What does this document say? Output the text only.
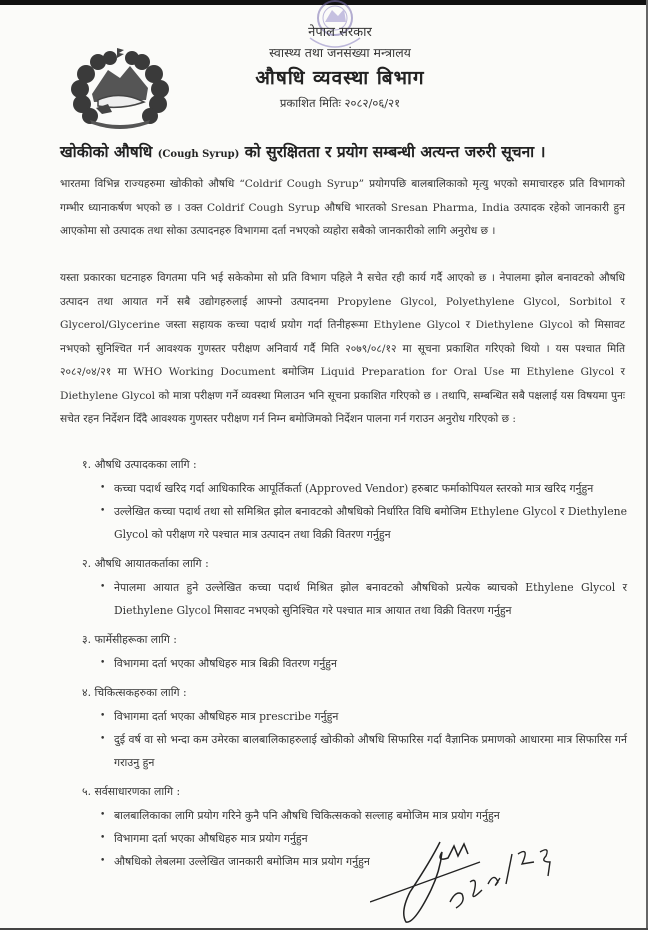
नेपाल सरकार
स्वास्थ्य तथा जनसंख्या मन्त्रालय
औषधि व्यवस्था बिभाग
प्रकाशित मितिः २०८२/०६/२१
खोकीको औषधि (Cough Syrup) को सुरक्षितता र प्रयोग सम्बन्धी अत्यन्त जरुरी सूचना ।
भारतमा विभिन्न राज्यहरुमा खोकीको औषधि “Coldrif Cough Syrup” प्रयोगपछि बालबालिकाको मृत्यु भएको समाचारहरु प्रति विभागको गम्भीर ध्यानाकर्षण भएको छ । उक्त Coldrif Cough Syrup औषधि भारतको Sresan Pharma, India उत्पादक रहेको जानकारी हुन आएकोमा सो उत्पादक तथा सोका उत्पादनहरु विभागमा दर्ता नभएको व्यहोरा सबैको जानकारीको लागि अनुरोध छ ।
यस्ता प्रकारका घटनाहरु विगतमा पनि भई सकेकोमा सो प्रति विभाग पहिले नै सचेत रही कार्य गर्दै आएको छ । नेपालमा झोल बनावटको औषधि उत्पादन तथा आयात गर्ने सबै उद्योगहरुलाई आफ्नो उत्पादनमा Propylene Glycol, Polyethylene Glycol, Sorbitol र Glycerol/Glycerine जस्ता सहायक कच्चा पदार्थ प्रयोग गर्दा तिनीहरूमा Ethylene Glycol र Diethylene Glycol को मिसावट नभएको सुनिश्चित गर्न आवश्यक गुणस्तर परीक्षण अनिवार्य गर्दै मिति २०७९/०८/१२ मा सूचना प्रकाशित गरिएको थियो । यस पश्चात मिति २०८२/०४/२१ मा WHO Working Document बमोजिम Liquid Preparation for Oral Use मा Ethylene Glycol र Diethylene Glycol को मात्रा परीक्षण गर्ने व्यवस्था मिलाउन भनि सूचना प्रकाशित गरिएको छ । तथापि, सम्बन्धित सबै पक्षलाई यस विषयमा पुनः सचेत रहन निर्देशन दिँदै आवश्यक गुणस्तर परीक्षण गर्न निम्न बमोजिमको निर्देशन पालना गर्न गराउन अनुरोध गरिएको छ :
१. औषधि उत्पादकका लागि :
• कच्चा पदार्थ खरिद गर्दा आधिकारिक आपूर्तिकर्ता (Approved Vendor) हरुबाट फर्माकोपियल स्तरको मात्र खरिद गर्नुहुन
• उल्लेखित कच्चा पदार्थ तथा सो समिश्रित झोल बनावटको औषधिको निर्धारित विधि बमोजिम Ethylene Glycol र Diethylene Glycol को परीक्षण गरे पश्चात मात्र उत्पादन तथा विक्री वितरण गर्नुहुन
२. औषधि आयातकर्ताका लागि :
• नेपालमा आयात हुने उल्लेखित कच्चा पदार्थ मिश्रित झोल बनावटको औषधिको प्रत्येक ब्याचको Ethylene Glycol र Diethylene Glycol मिसावट नभएको सुनिश्चित गरे पश्चात मात्र आयात तथा विक्री वितरण गर्नुहुन
३. फार्मेसीहरूका लागि :
• विभागमा दर्ता भएका औषधिहरु मात्र बिक्री वितरण गर्नुहुन
४. चिकित्सकहरुका लागि :
• विभागमा दर्ता भएका औषधिहरु मात्र prescribe गर्नुहुन
• दुई वर्ष वा सो भन्दा कम उमेरका बालबालिकाहरुलाई खोकीको औषधि सिफारिस गर्दा वैज्ञानिक प्रमाणको आधारमा मात्र सिफारिस गर्न गराउनु हुन
५. सर्वसाधारणका लागि :
• बालबालिकाका लागि प्रयोग गरिने कुनै पनि औषधि चिकित्सकको सल्लाह बमोजिम मात्र प्रयोग गर्नुहुन
• विभागमा दर्ता भएका औषधिहरु मात्र प्रयोग गर्नुहुन
• औषधिको लेबलमा उल्लेखित जानकारी बमोजिम मात्र प्रयोग गर्नुहुन
